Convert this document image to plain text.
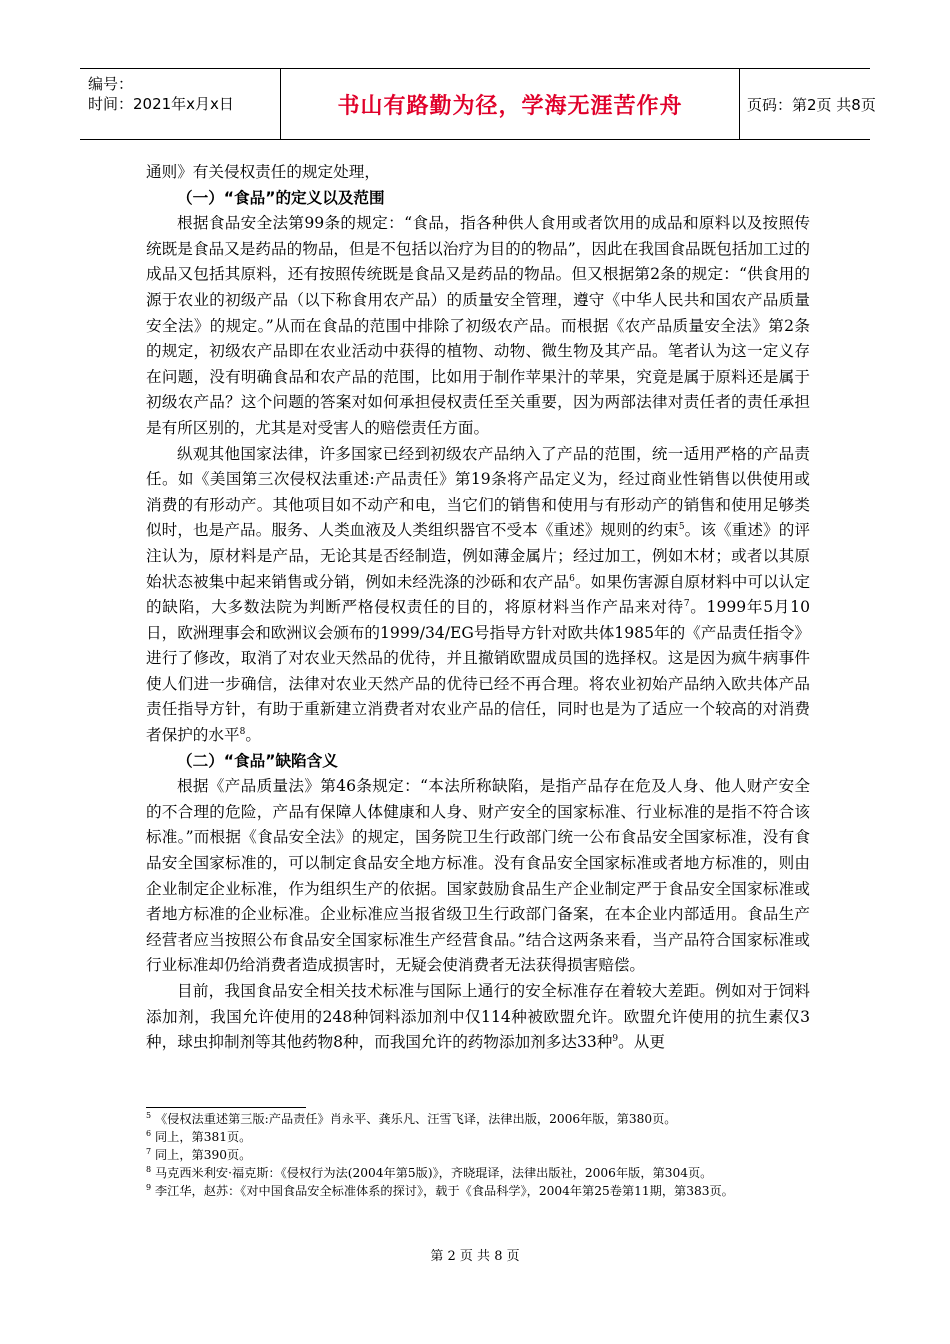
编号：
时间：2021年x月x日	书山有路勤为径，学海无涯苦作舟	页码：第2页 共8页

通则》有关侵权责任的规定处理，

（一）“食品”的定义以及范围

根据食品安全法第99条的规定：“食品，指各种供人食用或者饮用的成品和原料以及按照传统既是食品又是药品的物品，但是不包括以治疗为目的的物品”，因此在我国食品既包括加工过的成品又包括其原料，还有按照传统既是食品又是药品的物品。但又根据第2条的规定：“供食用的源于农业的初级产品（以下称食用农产品）的质量安全管理，遵守《中华人民共和国农产品质量安全法》的规定。”从而在食品的范围中排除了初级农产品。而根据《农产品质量安全法》第2条的规定，初级农产品即在农业活动中获得的植物、动物、微生物及其产品。笔者认为这一定义存在问题，没有明确食品和农产品的范围，比如用于制作苹果汁的苹果，究竟是属于原料还是属于初级农产品？这个问题的答案对如何承担侵权责任至关重要，因为两部法律对责任者的责任承担是有所区别的，尤其是对受害人的赔偿责任方面。

纵观其他国家法律，许多国家已经到初级农产品纳入了产品的范围，统一适用严格的产品责任。如《美国第三次侵权法重述:产品责任》第19条将产品定义为，经过商业性销售以供使用或消费的有形动产。其他项目如不动产和电，当它们的销售和使用与有形动产的销售和使用足够类似时，也是产品。服务、人类血液及人类组织器官不受本《重述》规则的约束$^5$。该《重述》的评注认为，原材料是产品，无论其是否经制造，例如薄金属片；经过加工，例如木材；或者以其原始状态被集中起来销售或分销，例如未经洗涤的沙砾和农产品$^6$。如果伤害源自原材料中可以认定的缺陷，大多数法院为判断严格侵权责任的目的，将原材料当作产品来对待$^7$。1999年5月10日，欧洲理事会和欧洲议会颁布的1999/34/EG号指导方针对欧共体1985年的《产品责任指令》进行了修改，取消了对农业天然品的优待，并且撤销欧盟成员国的选择权。这是因为疯牛病事件使人们进一步确信，法律对农业天然产品的优待已经不再合理。将农业初始产品纳入欧共体产品责任指导方针，有助于重新建立消费者对农业产品的信任，同时也是为了适应一个较高的对消费者保护的水平$^8$。

（二）“食品”缺陷含义

根据《产品质量法》第46条规定：“本法所称缺陷，是指产品存在危及人身、他人财产安全的不合理的危险，产品有保障人体健康和人身、财产安全的国家标准、行业标准的是指不符合该标准。”而根据《食品安全法》的规定，国务院卫生行政部门统一公布食品安全国家标准，没有食品安全国家标准的，可以制定食品安全地方标准。没有食品安全国家标准或者地方标准的，则由企业制定企业标准，作为组织生产的依据。国家鼓励食品生产企业制定严于食品安全国家标准或者地方标准的企业标准。企业标准应当报省级卫生行政部门备案，在本企业内部适用。食品生产经营者应当按照公布食品安全国家标准生产经营食品。”结合这两条来看，当产品符合国家标准或行业标准却仍给消费者造成损害时，无疑会使消费者无法获得损害赔偿。

目前，我国食品安全相关技术标准与国际上通行的安全标准存在着较大差距。例如对于饲料添加剂，我国允许使用的248种饲料添加剂中仅114种被欧盟允许。欧盟允许使用的抗生素仅3种，球虫抑制剂等其他药物8种，而我国允许的药物添加剂多达33种$^9$。从更

$^5$ 《侵权法重述第三版:产品责任》肖永平、龚乐凡、汪雪飞译，法律出版，2006年版，第380页。

$^6$ 同上，第381页。

$^7$ 同上，第390页。

$^8$ 马克西米利安·福克斯：《侵权行为法(2004年第5版)》，齐晓琨译，法律出版社，2006年版，第304页。

$^9$ 李江华，赵苏：《对中国食品安全标准体系的探讨》，载于《食品科学》，2004年第25卷第11期，第383页。

第 2 页 共 8 页
